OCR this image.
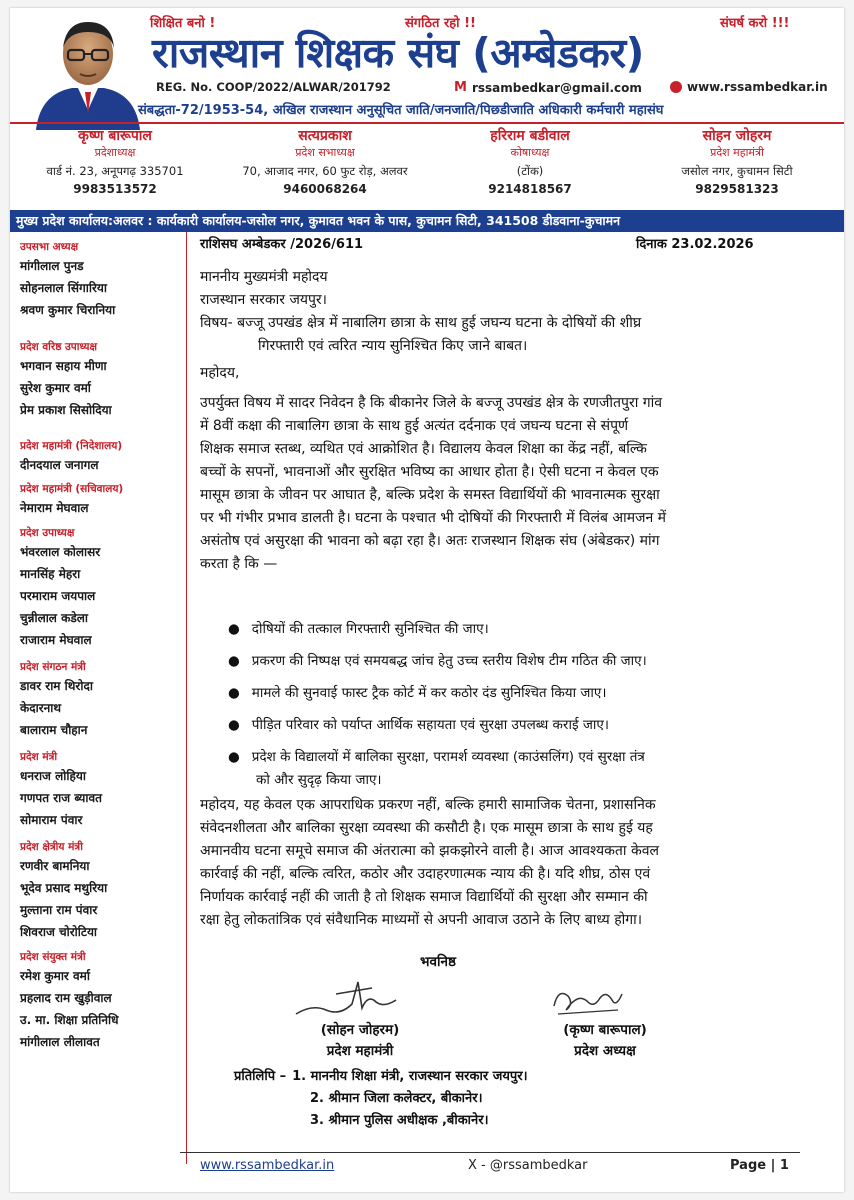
शिक्षित बनो !	संगठित रहो !!	संघर्ष करो !!!
राजस्थान शिक्षक संघ (अम्बेडकर)
REG. No. COOP/2022/ALWAR/201792	M rssambedkar@gmail.com	www.rssambedkar.in
संबद्धता-72/1953-54, अखिल राजस्थान अनुसूचित जाति/जनजाति/पिछडीजाति अधिकारी कर्मचारी महासंघ
कृष्ण बारूपाल
प्रदेशाध्यक्ष
वार्ड नं. 23, अनूपगढ़ 335701
9983513572
सत्यप्रकाश
प्रदेश सभाध्यक्ष
70, आजाद नगर, 60 फुट रोड़, अलवर
9460068264
हरिराम बडीवाल
कोषाध्यक्ष
(टोंक)
9214818567
सोहन जोहरम
प्रदेश महामंत्री
जसोल नगर, कुचामन सिटी
9829581323
मुख्य प्रदेश कार्यालय:अलवर : कार्यकारी कार्यालय-जसोल नगर, कुमावत भवन के पास, कुचामन सिटी, 341508 डीडवाना-कुचामन
उपसभा अध्यक्ष
मांगीलाल पुनड
सोहनलाल सिंगारिया
श्रवण कुमार चिरानिया
प्रदेश वरिष्ठ उपाध्यक्ष
भगवान सहाय मीणा
सुरेश कुमार वर्मा
प्रेम प्रकाश सिसोदिया
प्रदेश महामंत्री (निदेशालय)
दीनदयाल जनागल
प्रदेश महामंत्री (सचिवालय)
नेमाराम मेघवाल
प्रदेश उपाध्यक्ष
भंवरलाल कोलासर
मानसिंह मेहरा
परमाराम जयपाल
चुन्नीलाल कडेला
राजाराम मेघवाल
प्रदेश संगठन मंत्री
डावर राम थिरोदा
केदारनाथ
बालाराम चौहान
प्रदेश मंत्री
धनराज लोहिया
गणपत राज ब्यावत
सोमाराम पंवार
प्रदेश क्षेत्रीय मंत्री
रणवीर बामनिया
भूदेव प्रसाद मथुरिया
मुल्ताना राम पंवार
शिवराज चोरोटिया
प्रदेश संयुक्त मंत्री
रमेश कुमार वर्मा
प्रहलाद राम खुड़ीवाल
उ. मा. शिक्षा प्रतिनिधि
मांगीलाल लीलावत
राशिसघ अम्बेडकर /2026/611	दिनाक 23.02.2026
माननीय मुख्यमंत्री महोदय
राजस्थान सरकार जयपुर।
विषय- बज्जू उपखंड क्षेत्र में नाबालिग छात्रा के साथ हुई जघन्य घटना के दोषियों की शीघ्र
गिरफ्तारी एवं त्वरित न्याय सुनिश्चित किए जाने बाबत।
महोदय,
उपर्युक्त विषय में सादर निवेदन है कि बीकानेर जिले के बज्जू उपखंड क्षेत्र के रणजीतपुरा गांव
में 8वीं कक्षा की नाबालिग छात्रा के साथ हुई अत्यंत दर्दनाक एवं जघन्य घटना से संपूर्ण
शिक्षक समाज स्तब्ध, व्यथित एवं आक्रोशित है। विद्यालय केवल शिक्षा का केंद्र नहीं, बल्कि
बच्चों के सपनों, भावनाओं और सुरक्षित भविष्य का आधार होता है। ऐसी घटना न केवल एक
मासूम छात्रा के जीवन पर आघात है, बल्कि प्रदेश के समस्त विद्यार्थियों की भावनात्मक सुरक्षा
पर भी गंभीर प्रभाव डालती है। घटना के पश्चात भी दोषियों की गिरफ्तारी में विलंब आमजन में
असंतोष एवं असुरक्षा की भावना को बढ़ा रहा है। अतः राजस्थान शिक्षक संघ (अंबेडकर) मांग
करता है कि —
● दोषियों की तत्काल गिरफ्तारी सुनिश्चित की जाए।
● प्रकरण की निष्पक्ष एवं समयबद्ध जांच हेतु उच्च स्तरीय विशेष टीम गठित की जाए।
● मामले की सुनवाई फास्ट ट्रैक कोर्ट में कर कठोर दंड सुनिश्चित किया जाए।
● पीड़ित परिवार को पर्याप्त आर्थिक सहायता एवं सुरक्षा उपलब्ध कराई जाए।
● प्रदेश के विद्यालयों में बालिका सुरक्षा, परामर्श व्यवस्था (काउंसलिंग) एवं सुरक्षा तंत्र
को और सुदृढ़ किया जाए।
महोदय, यह केवल एक आपराधिक प्रकरण नहीं, बल्कि हमारी सामाजिक चेतना, प्रशासनिक
संवेदनशीलता और बालिका सुरक्षा व्यवस्था की कसौटी है। एक मासूम छात्रा के साथ हुई यह
अमानवीय घटना समूचे समाज की अंतरात्मा को झकझोरने वाली है। आज आवश्यकता केवल
कार्रवाई की नहीं, बल्कि त्वरित, कठोर और उदाहरणात्मक न्याय की है। यदि शीघ्र, ठोस एवं
निर्णायक कार्रवाई नहीं की जाती है तो शिक्षक समाज विद्यार्थियों की सुरक्षा और सम्मान की
रक्षा हेतु लोकतांत्रिक एवं संवैधानिक माध्यमों से अपनी आवाज उठाने के लिए बाध्य होगा।
भवनिष्ठ
(सोहन जोहरम)
प्रदेश महामंत्री
(कृष्ण बारूपाल)
प्रदेश अध्यक्ष
प्रतिलिपि – 1. माननीय शिक्षा मंत्री, राजस्थान सरकार जयपुर।
2. श्रीमान जिला कलेक्टर, बीकानेर।
3. श्रीमान पुलिस अधीक्षक ,बीकानेर।
www.rssambedkar.in	X - @rssambedkar	Page | 1
